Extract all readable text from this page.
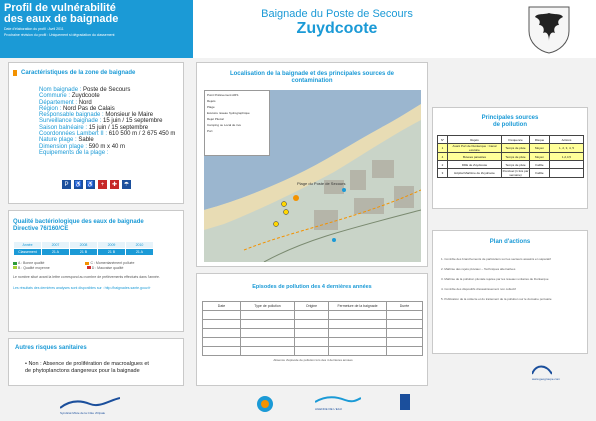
Profil de vulnérabilité
des eaux de baignade
Date d'élaboration du profil : Avril 2011
Prochaine révision du profil : Uniquement si dégradation du classement
Baignade du Poste de Secours
Zuydcoote
Caractéristiques de la zone de baignade
Nom baignade : Poste de Secours
Commune : Zuydcoote
Département : Nord
Région : Nord Pas de Calais
Responsable baignade : Monsieur le Maire
Surveillance baignade : 15 juin / 15 septembre
Saison balnéaire : 15 juin / 15 septembre
Coordonnées Lambert II : 610 500 m / 2 675 450 m
Nature plage : Sable
Dimension plage : 590 m x 40 m
Equipements de la plage :
P	♿ ♿	+	✚	☂
Qualité bactériologique des eaux de baignade
Directive 76/160/CE
Année	2007	2008	2009	2010
Classement	21 A	21 B	21 B	21 A
A : Bonne qualité	C : Momentanément polluée
B : Qualité moyenne	D : Mauvaise qualité
Le nombre situé avant la lettre correspond au nombre de prélèvements effectués dans l'année.
Les résultats des dernières analyses sont disponibles sur : http://baignades.sante.gouv.fr
Autres risques sanitaires
• Non : Absence de prolifération de macroalgues et
de phytoplanctons dangereux pour la baignade
Localisation de la baignade et des principales sources de
contamination
Point Prélèvement ARS
Rejets
Plage
Exutoire réseau hydrographique
Rejet Pluvial
Camping ou Local de rive
Port
Plage du Poste de Secours
Episodes de pollution des 4 dernières années
Date	Type de pollution	Origine	Fermeture de la baignade	Durée

Absence d'épisode de pollution lors des 4 dernières années
Principales sources
de pollution
N°	Rejets	Fréquence	Risque	Actions
1	Avant Port de Dunkerque : Canal exutoire	Temps de pluie	Moyen	1, 2, 3, 4, 5
4	Buvées parasites	Temps de pluie	Moyen	1,2,4,5
2	DDE de Zuydcoote	Temps de pluie	Faible	
3	Hôpital Maritime de Zuydcoote	Ponctuel (1 fois par semaine)	Faible	
Plan d'actions
1. Contrôle des branchements de particuliers sur les secteurs assainis en séparatif
2. Maîtrise des rejets pluviaux – Techniques alternatives
3. Maîtrise de la pollution pluviale rejetée par les réseaux unitaires de Dunkerque
4. Contrôle des dispositifs d'assainissement non collectif
5. Publication de la collecte et du traitement de la pollution sur le domaine portuaire
Syndicat Mixte de la Côte d'Opale
AGENCE DE L'EAU
www.geogroupe.com
